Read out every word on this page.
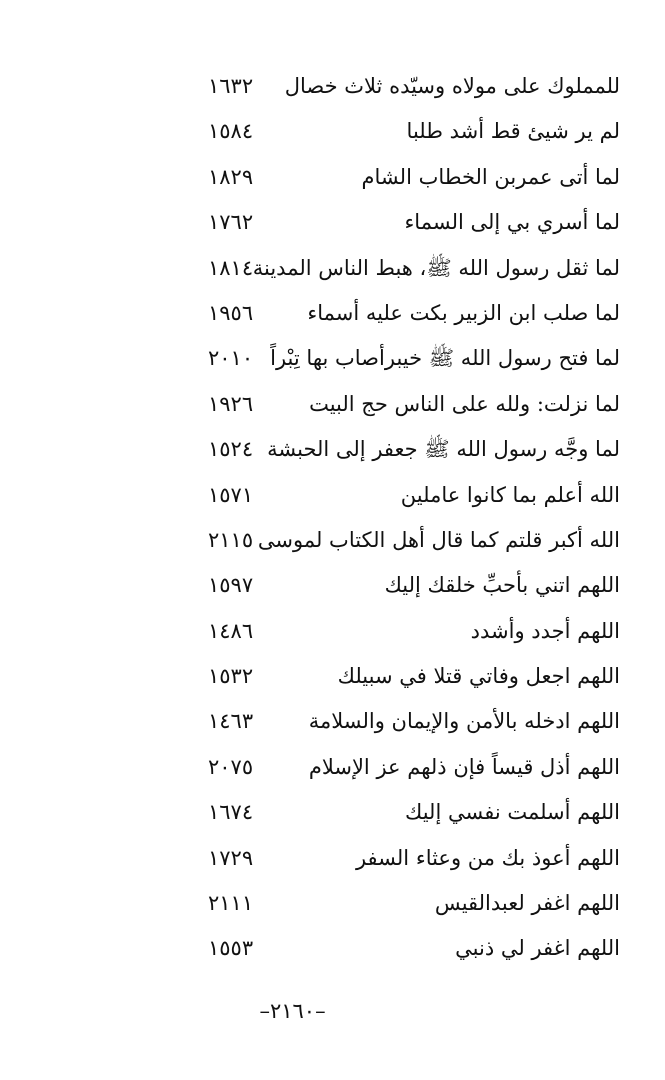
للمملوك على مولاه وسيّده ثلاث خصال
١٦٣٢
لم ير شيئ قط أشد طلبا
١٥٨٤
لما أتى عمربن الخطاب الشام
١٨٢٩
لما أسري بي إلى السماء
١٧٦٢
لما ثقل رسول الله ﷺ، هبط الناس المدينة
١٨١٤
لما صلب ابن الزبير بكت عليه أسماء
١٩٥٦
لما فتح رسول الله ﷺ خيبرأصاب بها تِبْراً
٢٠١٠
لما نزلت: ولله على الناس حج البيت
١٩٢٦
لما وجَّه رسول الله ﷺ جعفر إلى الحبشة
١٥٢٤
الله أعلم بما كانوا عاملين
١٥٧١
الله أكبر قلتم كما قال أهل الكتاب لموسى
٢١١٥
اللهم اتني بأحبِّ خلقك إليك
١٥٩٧
اللهم أجدد وأشدد
١٤٨٦
اللهم اجعل وفاتي قتلا في سبيلك
١٥٣٢
اللهم ادخله بالأمن والإيمان والسلامة
١٤٦٣
اللهم أذل قيساً فإن ذلهم عز الإسلام
٢٠٧٥
اللهم أسلمت نفسي إليك
١٦٧٤
اللهم أعوذ بك من وعثاء السفر
١٧٢٩
اللهم اغفر لعبدالقيس
٢١١١
اللهم اغفر لي ذنبي
١٥٥٣
–٢١٦٠–
